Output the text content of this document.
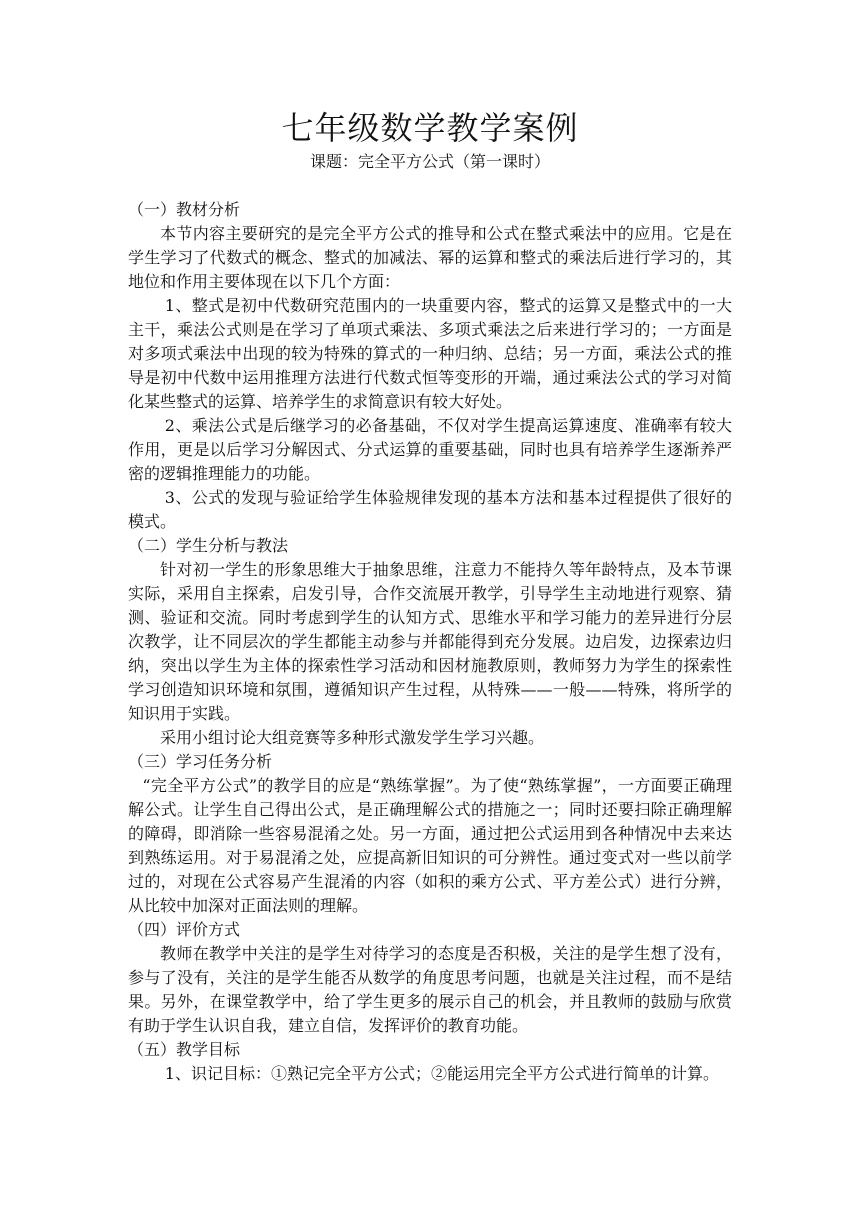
七年级数学教学案例
课题：完全平方公式（第一课时）

（一）教材分析

本节内容主要研究的是完全平方公式的推导和公式在整式乘法中的应用。它是在学生学习了代数式的概念、整式的加减法、幂的运算和整式的乘法后进行学习的，其地位和作用主要体现在以下几个方面：

1、整式是初中代数研究范围内的一块重要内容，整式的运算又是整式中的一大主干，乘法公式则是在学习了单项式乘法、多项式乘法之后来进行学习的；一方面是对多项式乘法中出现的较为特殊的算式的一种归纳、总结；另一方面，乘法公式的推导是初中代数中运用推理方法进行代数式恒等变形的开端，通过乘法公式的学习对简化某些整式的运算、培养学生的求简意识有较大好处。

2、乘法公式是后继学习的必备基础，不仅对学生提高运算速度、准确率有较大作用，更是以后学习分解因式、分式运算的重要基础，同时也具有培养学生逐渐养严密的逻辑推理能力的功能。

3、公式的发现与验证给学生体验规律发现的基本方法和基本过程提供了很好的模式。

（二）学生分析与教法

针对初一学生的形象思维大于抽象思维，注意力不能持久等年龄特点，及本节课实际，采用自主探索，启发引导，合作交流展开教学，引导学生主动地进行观察、猜测、验证和交流。同时考虑到学生的认知方式、思维水平和学习能力的差异进行分层次教学，让不同层次的学生都能主动参与并都能得到充分发展。边启发，边探索边归纳，突出以学生为主体的探索性学习活动和因材施教原则，教师努力为学生的探索性学习创造知识环境和氛围，遵循知识产生过程，从特殊——一般——特殊，将所学的知识用于实践。

采用小组讨论大组竞赛等多种形式激发学生学习兴趣。

（三）学习任务分析

“完全平方公式”的教学目的应是“熟练掌握”。为了使“熟练掌握”，一方面要正确理解公式。让学生自己得出公式，是正确理解公式的措施之一；同时还要扫除正确理解的障碍，即消除一些容易混淆之处。另一方面，通过把公式运用到各种情况中去来达到熟练运用。对于易混淆之处，应提高新旧知识的可分辨性。通过变式对一些以前学过的，对现在公式容易产生混淆的内容（如积的乘方公式、平方差公式）进行分辨，从比较中加深对正面法则的理解。

（四）评价方式

教师在教学中关注的是学生对待学习的态度是否积极，关注的是学生想了没有，参与了没有，关注的是学生能否从数学的角度思考问题，也就是关注过程，而不是结果。另外，在课堂教学中，给了学生更多的展示自己的机会，并且教师的鼓励与欣赏有助于学生认识自我，建立自信，发挥评价的教育功能。

（五）教学目标

1、识记目标：①熟记完全平方公式；②能运用完全平方公式进行简单的计算。
